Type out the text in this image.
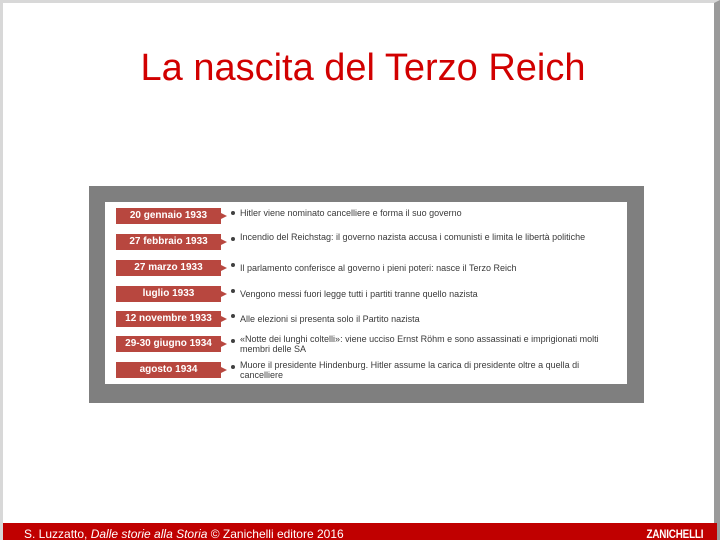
La nascita del Terzo Reich
20 gennaio 1933	Hitler viene nominato cancelliere e forma il suo governo
27 febbraio 1933	Incendio del Reichstag: il governo nazista accusa i comunisti e limita le libertà politiche
27 marzo 1933	Il parlamento conferisce al governo i pieni poteri: nasce il Terzo Reich
luglio 1933	Vengono messi fuori legge tutti i partiti tranne quello nazista
12 novembre 1933	Alle elezioni si presenta solo il Partito nazista
29-30 giugno 1934	«Notte dei lunghi coltelli»: viene ucciso Ernst Röhm e sono assassinati e imprigionati molti membri delle SA
agosto 1934	Muore il presidente Hindenburg. Hitler assume la carica di presidente oltre a quella di cancelliere
S. Luzzatto, Dalle storie alla Storia © Zanichelli editore 2016	ZANICHELLI
